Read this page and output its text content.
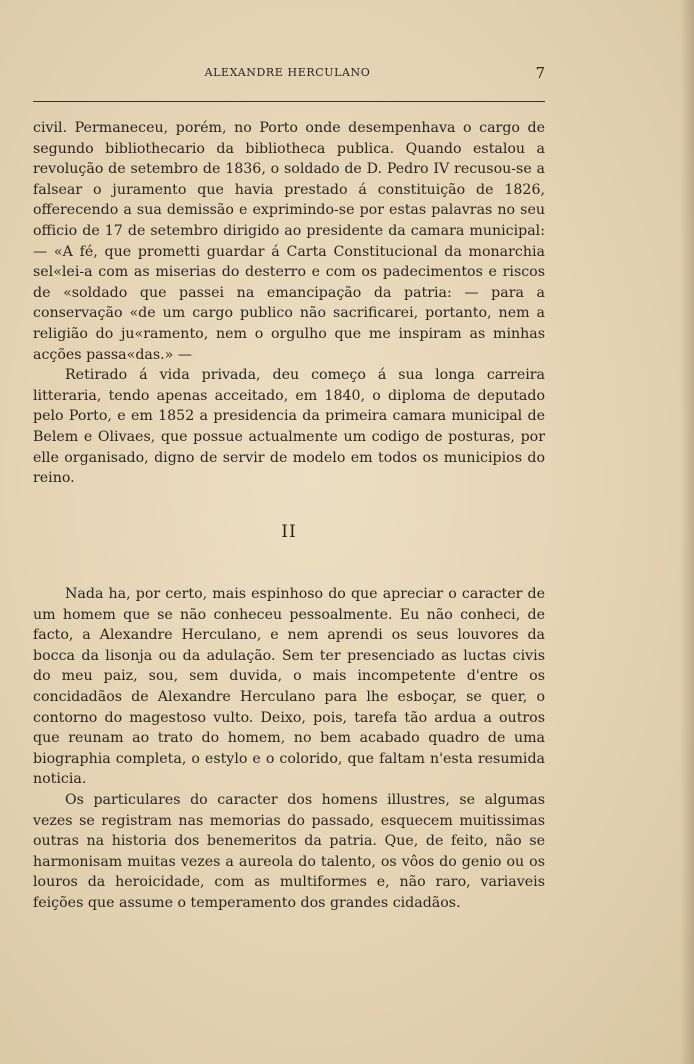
ALEXANDRE HERCULANO	7

civil. Permaneceu, porém, no Porto onde desempenhava o cargo de segundo bibliothecario da bibliotheca publica. Quando estalou a revolução de setembro de 1836, o soldado de D. Pedro IV recusou-se a falsear o juramento que havia prestado á constituição de 1826, offerecendo a sua demissão e exprimindo-se por estas palavras no seu officio de 17 de setembro dirigido ao presidente da camara municipal:— «A fé, que prometti guardar á Carta Constitucional da monarchia sel«lei-a com as miserias do desterro e com os padecimentos e riscos de «soldado que passei na emancipação da patria: — para a conservação «de um cargo publico não sacrificarei, portanto, nem a religião do ju«ramento, nem o orgulho que me inspiram as minhas acções passa«das.» —

Retirado á vida privada, deu começo á sua longa carreira litteraria, tendo apenas acceitado, em 1840, o diploma de deputado pelo Porto, e em 1852 a presidencia da primeira camara municipal de Belem e Olivaes, que possue actualmente um codigo de posturas, por elle organisado, digno de servir de modelo em todos os municipios do reino.

II

Nada ha, por certo, mais espinhoso do que apreciar o caracter de um homem que se não conheceu pessoalmente. Eu não conheci, de facto, a Alexandre Herculano, e nem aprendi os seus louvores da bocca da lisonja ou da adulação. Sem ter presenciado as luctas civis do meu paiz, sou, sem duvida, o mais incompetente d'entre os concidadãos de Alexandre Herculano para lhe esboçar, se quer, o contorno do magestoso vulto. Deixo, pois, tarefa tão ardua a outros que reunam ao trato do homem, no bem acabado quadro de uma biographia completa, o estylo e o colorido, que faltam n'esta resumida noticia.

Os particulares do caracter dos homens illustres, se algumas vezes se registram nas memorias do passado, esquecem muitissimas outras na historia dos benemeritos da patria. Que, de feito, não se harmonisam muitas vezes a aureola do talento, os vôos do genio ou os louros da heroicidade, com as multiformes e, não raro, variaveis feições que assume o temperamento dos grandes cidadãos.
